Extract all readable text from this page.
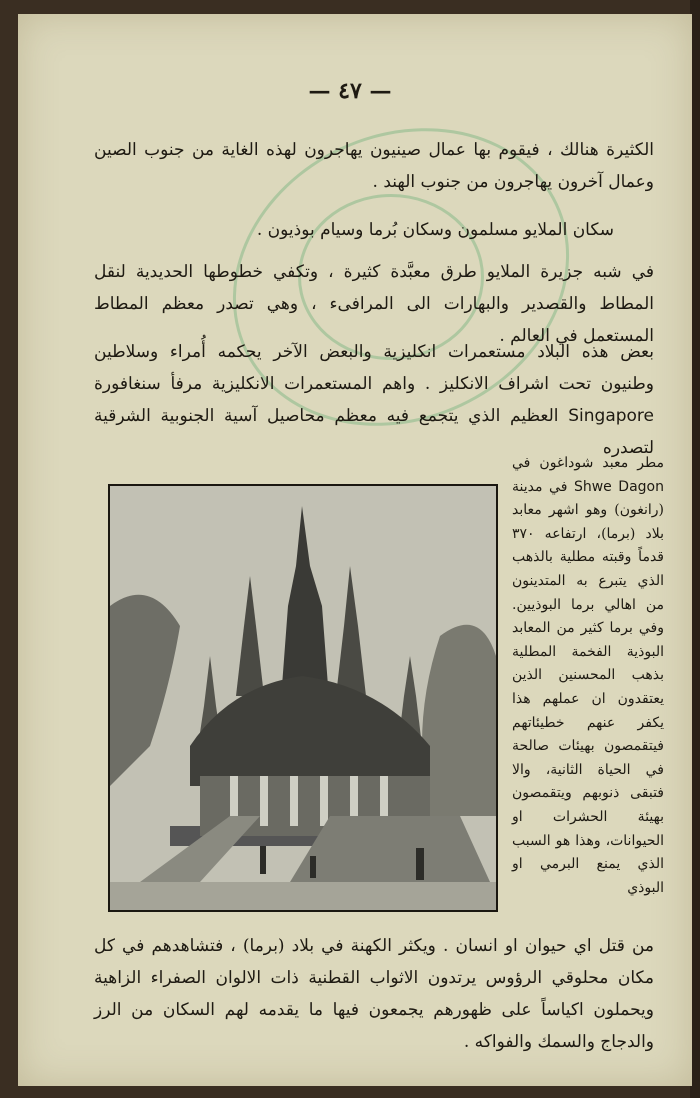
— ٤٧ —

الكثيرة هنالك ، فيقوم بها عمال صينيون يهاجرون لهذه الغاية من جنوب الصين وعمال آخرون يهاجرون من جنوب الهند .

سكان الملايو مسلمون وسكان بُرما وسيام بوذيون .

في شبه جزيرة الملايو طرق معبَّدة كثيرة ، وتكفي خطوطها الحديدية لنقل المطاط والقصدير والبهارات الى المرافىء ، وهي تصدر معظم المطاط المستعمل في العالم .

بعض هذه البلاد مستعمرات انكليزية والبعض الآخر يحكمه أُمراء وسلاطين وطنيون تحت اشراف الانكليز . واهم المستعمرات الانكليزية مرفأ سنغافورة Singapore العظيم الذي يتجمع فيه معظم محاصيل آسية الجنوبية الشرقية لتصدره

مطر معبد شوداغون في Shwe Dagon في مدينة (رانغون) وهو اشهر معابد بلاد (برما)، ارتفاعه ٣٧٠ قدماً وقبته مطلية بالذهب الذي يتبرع به المتدينون من اهالي برما البوذيين. وفي برما كثير من المعابد البوذية الفخمة المطلية بذهب المحسنين الذين يعتقدون ان عملهم هذا يكفر عنهم خطيئاتهم فيتقمصون بهيئات صالحة في الحياة الثانية، والا فتبقى ذنوبهم ويتقمصون بهيئة الحشرات او الحيوانات، وهذا هو السبب الذي يمنع البرمي او البوذي

من قتل اي حيوان او انسان . ويكثر الكهنة في بلاد (برما) ، فتشاهدهم في كل مكان محلوقي الرؤوس يرتدون الاثواب القطنية ذات الالوان الصفراء الزاهية ويحملون اكياساً على ظهورهم يجمعون فيها ما يقدمه لهم السكان من الرز والدجاج والسمك والفواكه .
